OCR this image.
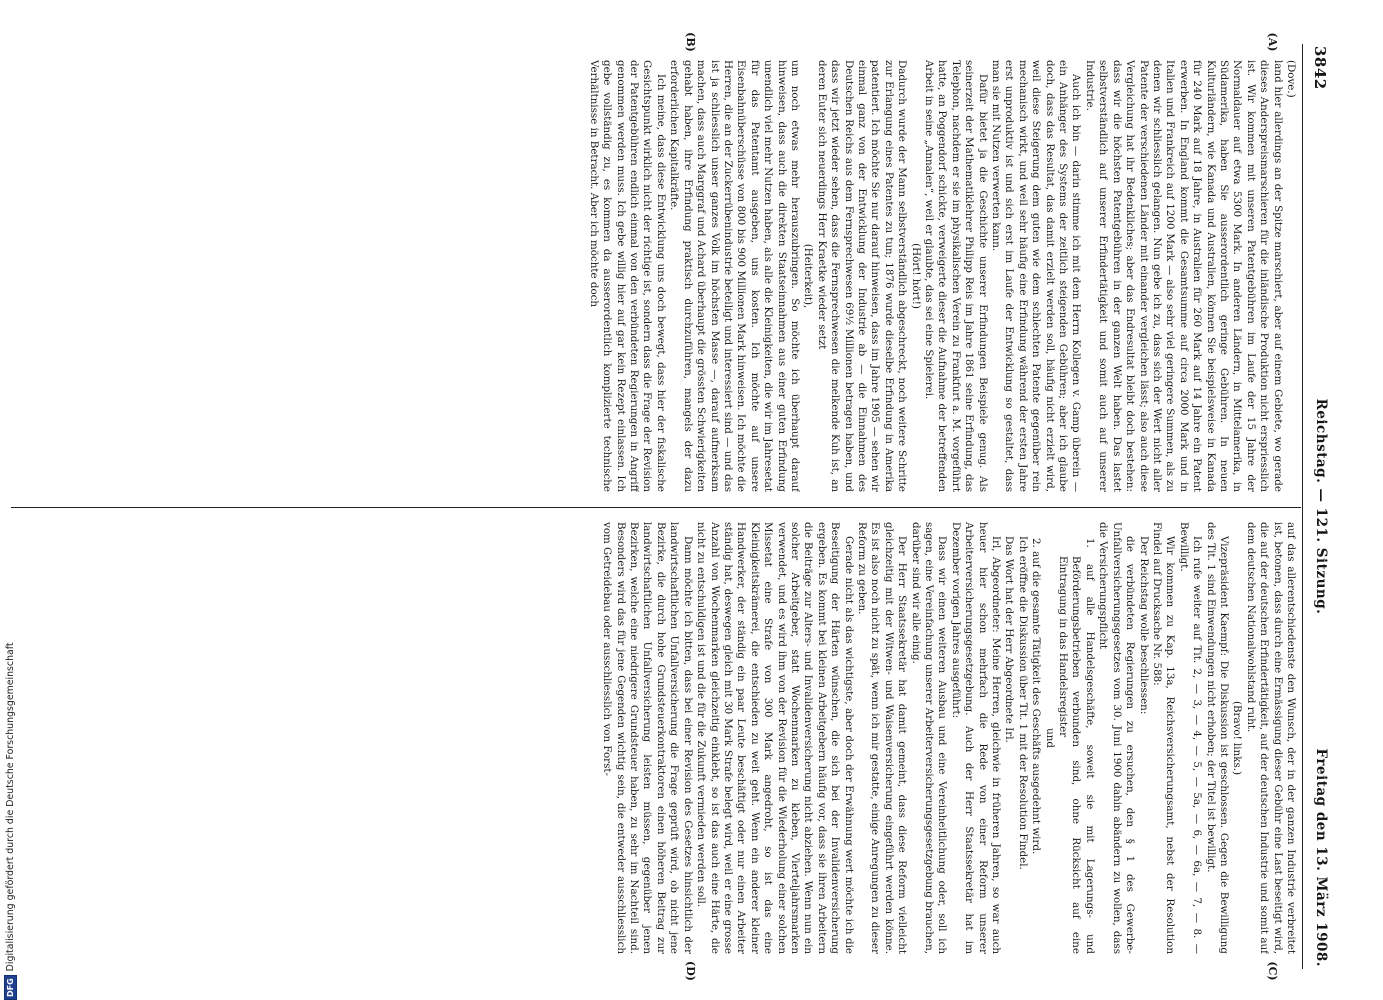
3842
Reichstag. — 121. Sitzung.
Freitag den 13. März 1908.
(A)
(B)
(C)
(D)

(Dove.)

land hier allerdings an der Spitze marschiert, aber auf einem Gebiete, wo gerade dieses Anderspreismarschieren für die inländische Produktion nicht erspriesslich ist. Wir kommen mit unseren Patentgebühren im Laufe der 15 Jahre der Normaldauer auf etwa 5300 Mark. In anderen Ländern, in Mittelamerika, in Südamerika, haben Sie ausserordentlich geringe Gebühren. In neuen Kulturländern, wie Kanada und Australien, können Sie beispielsweise in Kanada für 240 Mark auf 18 Jahre, in Australien für 260 Mark auf 14 Jahre ein Patent erwerben. In England kommt die Gesamtsumme auf circa 2000 Mark und in Italien und Frankreich auf 1200 Mark — also sehr viel geringere Summen, als zu denen wir schliesslich gelangen. Nun gebe ich zu, dass sich der Wert nicht aller Patente der verschiedenen Länder mit einander vergleichen lässt; also auch diese Vergleichung hat ihr Bedenkliches; aber das Endresultat bleibt doch bestehen: dass wir die höchsten Patentgebühren in der ganzen Welt haben. Das lastet selbstverständlich auf unserer Erfindertätigkeit und somit auch auf unserer Industrie.

Auch ich bin — darin stimme ich mit dem Herrn Kollegen v. Gamp überein — ein Anhänger des Systems der zeitlich steigenden Gebühren; aber ich glaube doch, dass das Resultat, das damit erzielt werden soll, häufig nicht erzielt wird, weil diese Steigerung dem guten wie dem schlechten Patente gegenüber rein mechanisch wirkt, und weil sehr häufig eine Erfindung während der ersten Jahre erst unproduktiv ist und sich erst im Laufe der Entwicklung so gestaltet, dass man sie mit Nutzen verwerten kann.

Dafür bietet ja die Geschichte unserer Erfindungen Beispiele genug. Als seinerzeit der Mathematiklehrer Philipp Reis im Jahre 1861 seine Erfindung, das Telephon, nachdem er sie im physikalischen Verein zu Frankfurt a. M. vorgeführt hatte, an Poggendorf schickte, verweigerte dieser die Aufnahme der betreffenden Arbeit in seine „Annalen“, weil er glaubte, das sei eine Spielerei.

(Hört! hört!)

Dadurch wurde der Mann selbstverständlich abgeschreckt, noch weitere Schritte zur Erlangung eines Patentes zu tun; 1876 wurde dieselbe Erfindung in Amerika patentiert. Ich möchte Sie nur darauf hinweisen, dass im Jahre 1905 — sehen wir einmal ganz von der Entwicklung der Industrie ab — die Einnahmen des Deutschen Reichs aus dem Fernsprechwesen 69½ Millionen betragen haben, und dass wir jetzt wieder sehen, dass die Fernsprechwesen die melkende Kuh ist, an deren Euter sich neuerdings Herr Kraetke wieder setzt

(Heiterkeit),

um noch etwas mehr herauszubringen. So möchte ich überhaupt darauf hinweisen, dass auch die direkten Staatseinnahmen aus einer guten Erfindung unendlich viel mehr Nutzen haben, als alle die Kleinigkeiten, die wir im Jahresetat für das Patentamt ausgeben, uns kosten. Ich möchte auf unsere Eisenbahnüberschüsse von 800 bis 900 Millionen Mark hinweisen. Ich möchte die Herren, die an der Zuckerrübenindustrie beteiligt und interessiert sind — und das ist ja schliesslich unser ganzes Volk im höchsten Masse —, darauf aufmerksam machen, dass auch Marggraf und Achard überhaupt die grössten Schwierigkeiten gehabt haben, ihre Erfindung praktisch durchzuführen, mangels der dazu erforderlichen Kapitalkräfte.

Ich meine, dass diese Entwicklung uns doch bewegt, dass hier der fiskalische Gesichtspunkt wirklich nicht der richtige ist, sondern dass die Frage der Revision der Patentgebühren endlich einmal von den verbündeten Regierungen in Angriff genommen werden muss. Ich gebe willig hier auf gar kein Rezept einlassen. Ich gebe vollständig zu, es kommen da ausserordentlich komplizierte technische Verhältnisse in Betracht. Aber ich möchte doch

auf das allerentschiedenste den Wunsch, der in der ganzen Industrie verbreitet ist, betonen, dass durch eine Ermässigung dieser Gebühr eine Last beseitigt wird, die auf der deutschen Erfindertätigkeit, auf der deutschen Industrie und somit auf dem deutschen Nationalwohlstand ruht.

(Bravo! links.)

Vizepräsident Kaempf: Die Diskussion ist geschlossen. Gegen die Bewilligung des Tit. 1 sind Einwendungen nicht erhoben; der Titel ist bewilligt.

Ich rufe weiter auf Tit. 2, — 3, — 4, — 5, — 5a, — 6, — 6a, — 7, — 8. — Bewilligt.

Wir kommen zu Kap. 13a, Reichsversicherungsamt, nebst der Resolution Findel auf Drucksache Nr. 588:

Der Reichstag wolle beschliessen:

die verbündeten Regierungen zu ersuchen, den § 1 des Gewerbe-Unfallversicherungsgesetzes vom 30. Juni 1900 dahin abändern zu wollen, dass die Versicherungspflicht

1. auf alle Handelsgeschäfte, soweit sie mit Lagerungs- und Beförderungsbetrieben verbunden sind, ohne Rücksicht auf eine Eintragung in das Handelsregister

und

2. auf die gesamte Tätigkeit des Geschäfts ausgedehnt wird.

Ich eröffne die Diskussion über Tit. 1 mit der Resolution Findel.

Das Wort hat der Herr Abgeordnete Irl.

Irl, Abgeordneter: Meine Herren, gleichwie in früheren Jahren, so war auch heuer hier schon mehrfach die Rede von einer Reform unserer Arbeiterversicherungsgesetzgebung. Auch der Herr Staatssekretär hat im Dezember vorigen Jahres ausgeführt:

Dass wir einen weiteren Ausbau und eine Vereinheitlichung oder, soll ich sagen, eine Vereinfachung unserer Arbeiterversicherungsgesetzgebung brauchen, darüber sind wir alle einig.

Der Herr Staatssekretär hat damit gemeint, dass diese Reform vielleicht gleichzeitig mit der Witwen- und Waisenversicherung eingeführt werden könne. Es ist also noch nicht zu spät, wenn ich mir gestatte, einige Anregungen zu dieser Reform zu geben.

Gerade nicht als das wichtigste, aber doch der Erwähnung wert möchte ich die Beseitigung der Härten wünschen, die sich bei der Invalidenversicherung ergeben. Es kommt bei kleinen Arbeitgebern häufig vor, dass sie ihren Arbeitern die Beiträge zur Alters- und Invalidenversicherung nicht abziehen. Wenn nun ein solcher Arbeitgeber, statt Wochenmarken zu kleben, Vierteljahrsmarken verwendet, und es wird ihm von der Revision für die Wiederholung einer solchen Missetat eine Strafe von 300 Mark angedroht, so ist das eine Kleinigkeitskrämerei, die entschieden zu weit geht. Wenn ein anderer kleiner Handwerker, der ständig ein paar Leute beschäftigt oder nur einen Arbeiter ständig hat, deswegen gleich mit 30 Mark Strafe belegt wird, weil er eine grosse Anzahl von Wochenmarken gleichzeitig einklebt, so ist das auch eine Härte, die nicht zu entschuldigen ist und die für die Zukunft vermieden werden soll.

Dann möchte ich bitten, dass bei einer Revision des Gesetzes hinsichtlich der landwirtschaftlichen Unfallversicherung die Frage geprüft wird, ob nicht jene Bezirke, die durch hohe Grundsteuerkontraktoren einen höheren Beitrag zur landwirtschaftlichen Unfallversicherung leisten müssen, gegenüber jenen Bezirken, welche eine niedrigere Grundsteuer haben, zu sehr im Nachteil sind. Besonders wird das für jene Gegenden wichtig sein, die entweder ausschliesslich vom Getreidebau oder ausschliesslich von Forst-

DFGDigitalisierung gefördert durch die Deutsche Forschungsgemeinschaft
